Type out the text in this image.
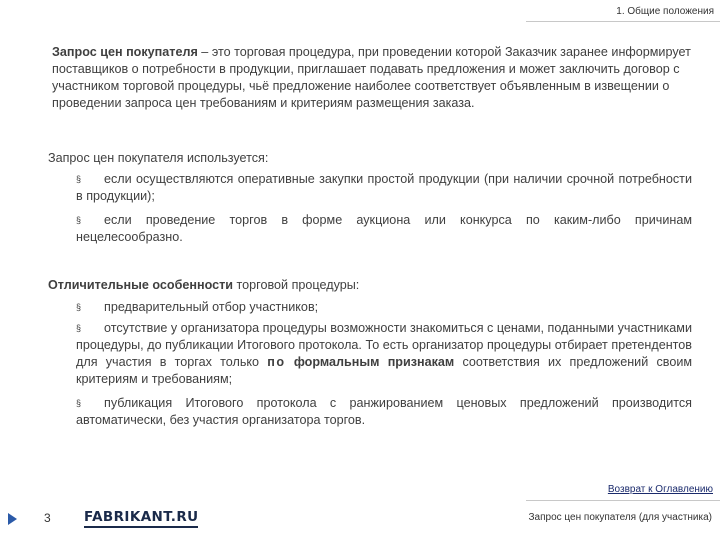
1. Общие положения
Запрос цен покупателя – это торговая процедура, при проведении которой Заказчик заранее информирует поставщиков о потребности в продукции, приглашает подавать предложения и может заключить договор с участником торговой процедуры, чьё предложение наиболее соответствует объявленным в извещении о проведении запроса цен требованиям и критериям размещения заказа.
Запрос цен покупателя используется:
§ если осуществляются оперативные закупки простой продукции (при наличии срочной потребности в продукции);
§ если проведение торгов в форме аукциона или конкурса по каким-либо причинам нецелесообразно.
Отличительные особенности торговой процедуры:
§ предварительный отбор участников;
§ отсутствие у организатора процедуры возможности знакомиться с ценами, поданными участниками процедуры, до публикации Итогового протокола. То есть организатор процедуры отбирает претендентов для участия в торгах только по формальным признакам соответствия их предложений своим критериям и требованиям;
§ публикация Итогового протокола с ранжированием ценовых предложений производится автоматически, без участия организатора торгов.
Возврат к Оглавлению
3 FABRIKANT.RU	Запрос цен покупателя (для участника)
